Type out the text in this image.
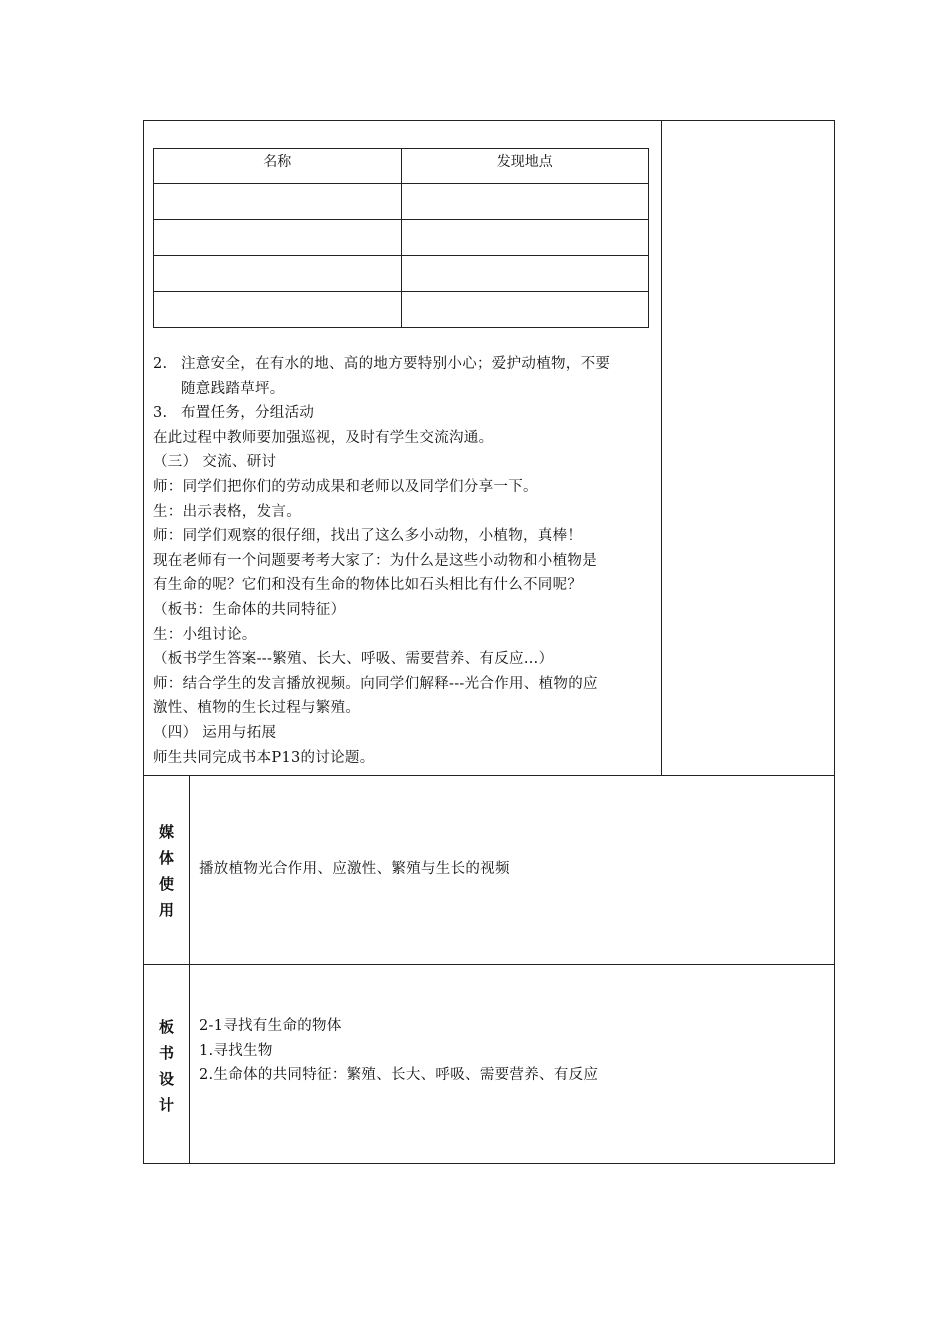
名称	发现地点

2. 注意安全，在有水的地、高的地方要特别小心；爱护动植物，不要
随意践踏草坪。
3. 布置任务，分组活动
在此过程中教师要加强巡视，及时有学生交流沟通。
（三） 交流、研讨
师：同学们把你们的劳动成果和老师以及同学们分享一下。
生：出示表格，发言。
师：同学们观察的很仔细，找出了这么多小动物，小植物，真棒！
现在老师有一个问题要考考大家了：为什么是这些小动物和小植物是
有生命的呢？它们和没有生命的物体比如石头相比有什么不同呢？
（板书：生命体的共同特征）
生：小组讨论。
（板书学生答案---繁殖、长大、呼吸、需要营养、有反应…）
师：结合学生的发言播放视频。向同学们解释---光合作用、植物的应
激性、植物的生长过程与繁殖。
（四） 运用与拓展
师生共同完成书本P13的讨论题。
媒
体
使
用
播放植物光合作用、应激性、繁殖与生长的视频
板
书
设
计
2-1寻找有生命的物体
1.寻找生物
2.生命体的共同特征：繁殖、长大、呼吸、需要营养、有反应
